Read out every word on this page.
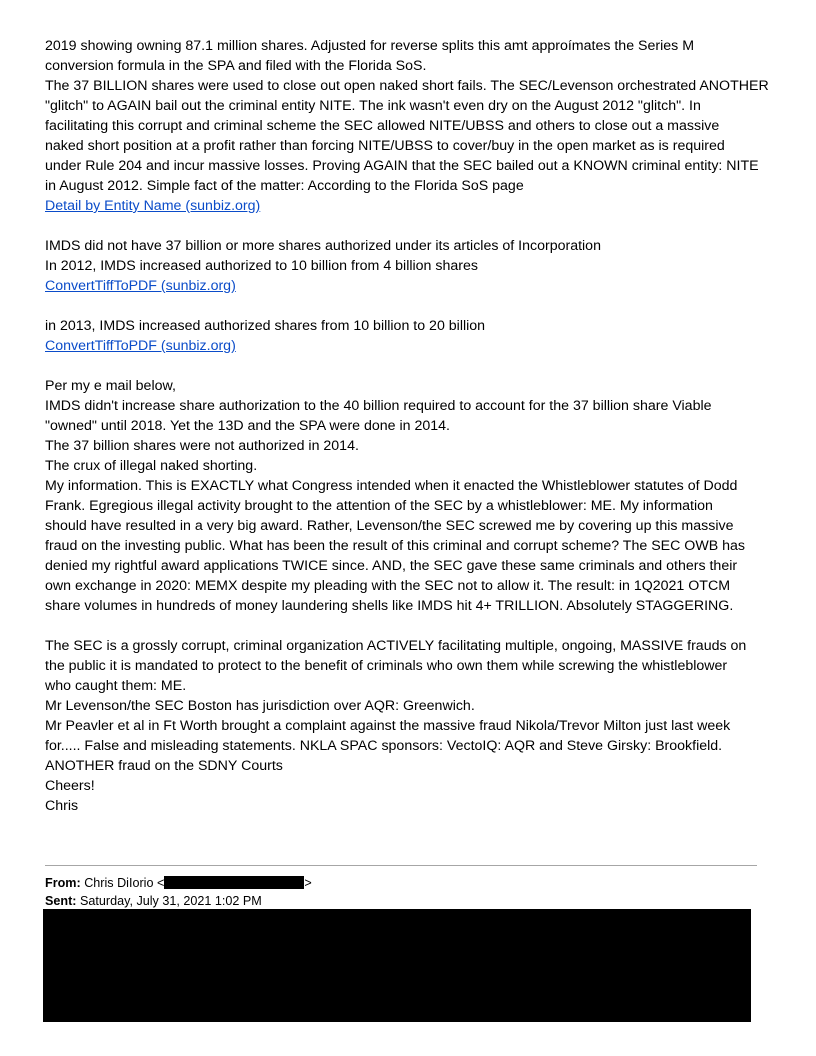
2019 showing owning 87.1 million shares. Adjusted for reverse splits this amt approímates the Series M
conversion formula in the SPA and filed with the Florida SoS.
The 37 BILLION shares were used to close out open naked short fails. The SEC/Levenson orchestrated ANOTHER
"glitch" to AGAIN bail out the criminal entity NITE. The ink wasn't even dry on the August 2012 "glitch". In
facilitating this corrupt and criminal scheme the SEC allowed NITE/UBSS and others to close out a massive
naked short position at a profit rather than forcing NITE/UBSS to cover/buy in the open market as is required
under Rule 204 and incur massive losses. Proving AGAIN that the SEC bailed out a KNOWN criminal entity: NITE
in August 2012. Simple fact of the matter: According to the Florida SoS page
Detail by Entity Name (sunbiz.org)
IMDS did not have 37 billion or more shares authorized under its articles of Incorporation
In 2012, IMDS increased authorized to 10 billion from 4 billion shares
ConvertTiffToPDF (sunbiz.org)
in 2013, IMDS increased authorized shares from 10 billion to 20 billion
ConvertTiffToPDF (sunbiz.org)
Per my e mail below,
IMDS didn't increase share authorization to the 40 billion required to account for the 37 billion share Viable
"owned" until 2018. Yet the 13D and the SPA were done in 2014.
The 37 billion shares were not authorized in 2014.
The crux of illegal naked shorting.
My information. This is EXACTLY what Congress intended when it enacted the Whistleblower statutes of Dodd
Frank. Egregious illegal activity brought to the attention of the SEC by a whistleblower: ME. My information
should have resulted in a very big award. Rather, Levenson/the SEC screwed me by covering up this massive
fraud on the investing public. What has been the result of this criminal and corrupt scheme? The SEC OWB has
denied my rightful award applications TWICE since. AND, the SEC gave these same criminals and others their
own exchange in 2020: MEMX despite my pleading with the SEC not to allow it. The result: in 1Q2021 OTCM
share volumes in hundreds of money laundering shells like IMDS hit 4+ TRILLION. Absolutely STAGGERING.
The SEC is a grossly corrupt, criminal organization ACTIVELY facilitating multiple, ongoing, MASSIVE frauds on
the public it is mandated to protect to the benefit of criminals who own them while screwing the whistleblower
who caught them: ME.
Mr Levenson/the SEC Boston has jurisdiction over AQR: Greenwich.
Mr Peavler et al in Ft Worth brought a complaint against the massive fraud Nikola/Trevor Milton just last week
for..... False and misleading statements. NKLA SPAC sponsors: VectoIQ: AQR and Steve Girsky: Brookfield.
ANOTHER fraud on the SDNY Courts
Cheers!
Chris
From: Chris DiIorio <	>
Sent: Saturday, July 31, 2021 1:02 PM
